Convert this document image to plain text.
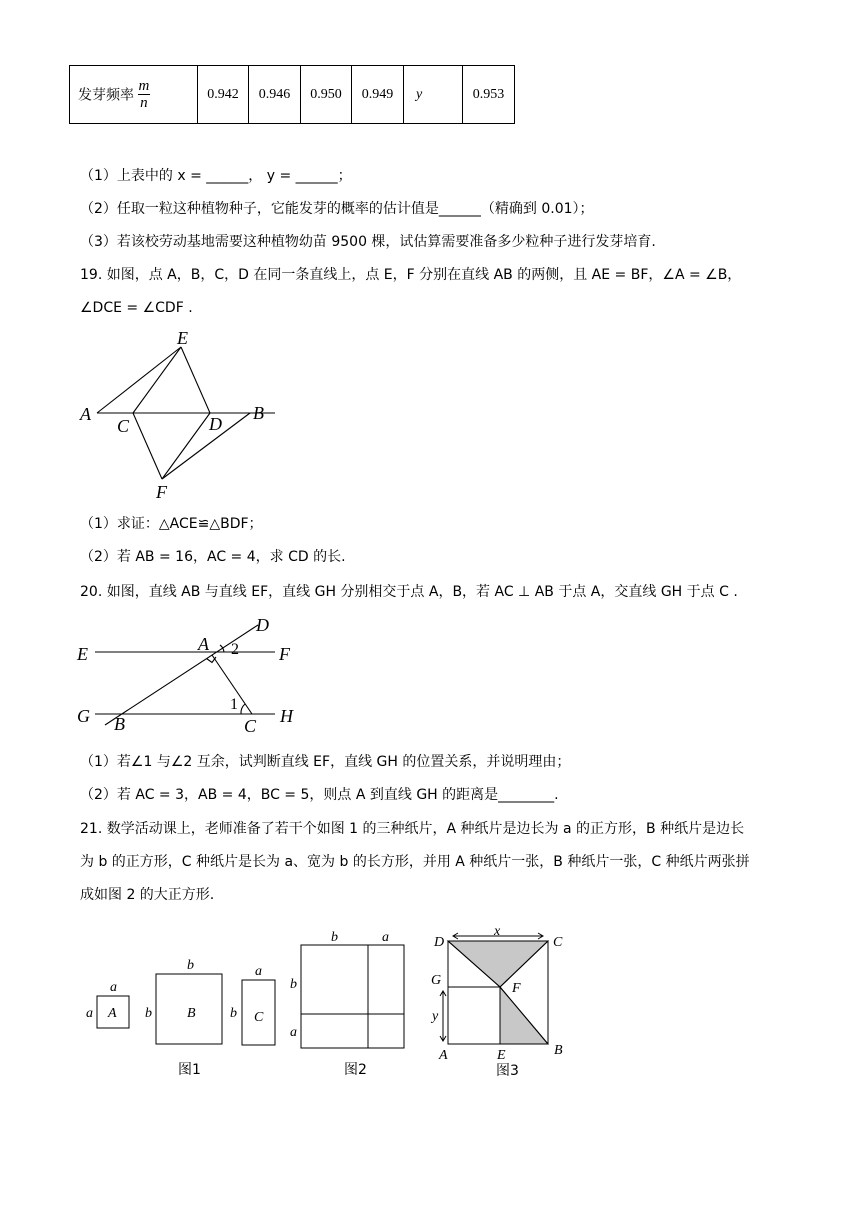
发芽频率 $\frac{m}{n}$	0.942	0.946	0.950	0.949	y	0.953
（1）上表中的 x = ______， y = ______；
（2）任取一粒这种植物种子，它能发芽的概率的估计值是______（精确到 0.01）；
（3）若该校劳动基地需要这种植物幼苗 9500 棵，试估算需要准备多少粒种子进行发芽培育.
19. 如图，点 A，B，C，D 在同一条直线上，点 E，F 分别在直线 AB 的两侧，且 AE = BF，∠A = ∠B，
∠DCE = ∠CDF .
A	B
C	D
E
F
（1）求证：△ACE≌△BDF；
（2）若 AB = 16，AC = 4，求 CD 的长.
20. 如图，直线 AB 与直线 EF，直线 GH 分别相交于点 A，B，若 AC ⊥ AB 于点 A，交直线 GH 于点 C .
E	A
D
F
G B	C H
2
1
（1）若∠1 与∠2 互余，试判断直线 EF，直线 GH 的位置关系，并说明理由；
（2）若 AC = 3，AB = 4，BC = 5，则点 A 到直线 GH 的距离是________.
21. 数学活动课上，老师准备了若干个如图 1 的三种纸片，A 种纸片是边长为 a 的正方形，B 种纸片是边长
为 b 的正方形，C 种纸片是长为 a、宽为 b 的长方形，并用 A 种纸片一张，B 种纸片一张，C 种纸片两张拼
成如图 2 的大正方形.
a
a A
b
b	B
a
b C
图1
b	a
b
a
图2
x
y
D	C
G
F
A	E	B
图3
